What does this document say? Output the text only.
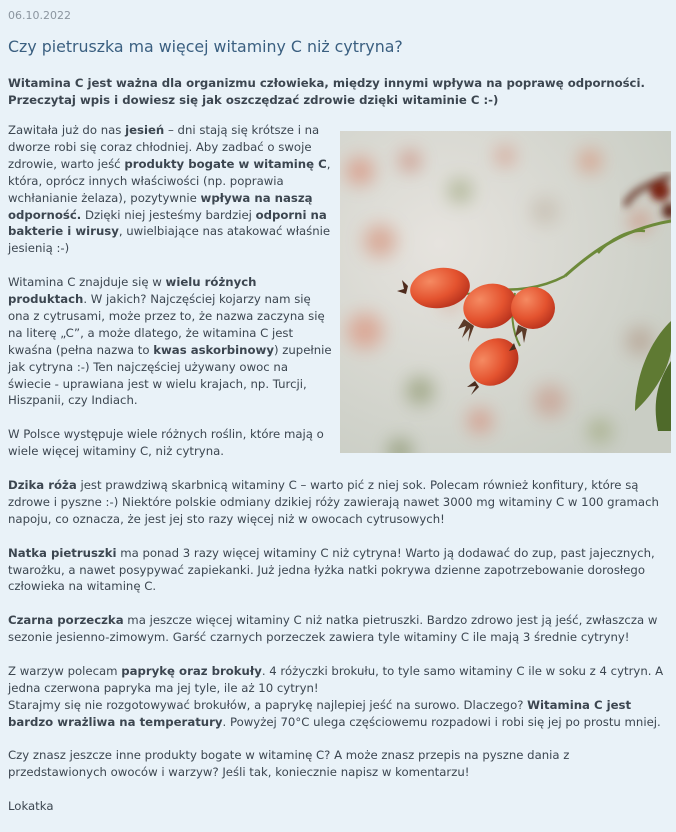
06.10.2022
Czy pietruszka ma więcej witaminy C niż cytryna?

Witamina C jest ważna dla organizmu człowieka, między innymi wpływa na poprawę odporności. Przeczytaj wpis i dowiesz się jak oszczędzać zdrowie dzięki witaminie C :-)

Zawitała już do nas jesień – dni stają się krótsze i na dworze robi się coraz chłodniej. Aby zadbać o swoje zdrowie, warto jeść produkty bogate w witaminę C, która, oprócz innych właściwości (np. poprawia wchłanianie żelaza), pozytywnie wpływa na naszą odporność. Dzięki niej jesteśmy bardziej odporni na bakterie i wirusy, uwielbiające nas atakować właśnie jesienią :-)

Witamina C znajduje się w wielu różnych produktach. W jakich? Najczęściej kojarzy nam się ona z cytrusami, może przez to, że nazwa zaczyna się na literę „C”, a może dlatego, że witamina C jest kwaśna (pełna nazwa to kwas askorbinowy) zupełnie jak cytryna :-) Ten najczęściej używany owoc na świecie - uprawiana jest w wielu krajach, np. Turcji, Hiszpanii, czy Indiach.

W Polsce występuje wiele różnych roślin, które mają o wiele więcej witaminy C, niż cytryna.

Dzika róża jest prawdziwą skarbnicą witaminy C – warto pić z niej sok. Polecam również konfitury, które są zdrowe i pyszne :-) Niektóre polskie odmiany dzikiej róży zawierają nawet 3000 mg witaminy C w 100 gramach napoju, co oznacza, że jest jej sto razy więcej niż w owocach cytrusowych!

Natka pietruszki ma ponad 3 razy więcej witaminy C niż cytryna! Warto ją dodawać do zup, past jajecznych, twarożku, a nawet posypywać zapiekanki. Już jedna łyżka natki pokrywa dzienne zapotrzebowanie dorosłego człowieka na witaminę C.

Czarna porzeczka ma jeszcze więcej witaminy C niż natka pietruszki. Bardzo zdrowo jest ją jeść, zwłaszcza w sezonie jesienno-zimowym. Garść czarnych porzeczek zawiera tyle witaminy C ile mają 3 średnie cytryny!

Z warzyw polecam paprykę oraz brokuły. 4 różyczki brokułu, to tyle samo witaminy C ile w soku z 4 cytryn. A jedna czerwona papryka ma jej tyle, ile aż 10 cytryn!
Starajmy się nie rozgotowywać brokułów, a paprykę najlepiej jeść na surowo. Dlaczego? Witamina C jest bardzo wrażliwa na temperatury. Powyżej 70°C ulega częściowemu rozpadowi i robi się jej po prostu mniej.

Czy znasz jeszcze inne produkty bogate w witaminę C? A może znasz przepis na pyszne dania z przedstawionych owoców i warzyw? Jeśli tak, koniecznie napisz w komentarzu!

Lokatka
